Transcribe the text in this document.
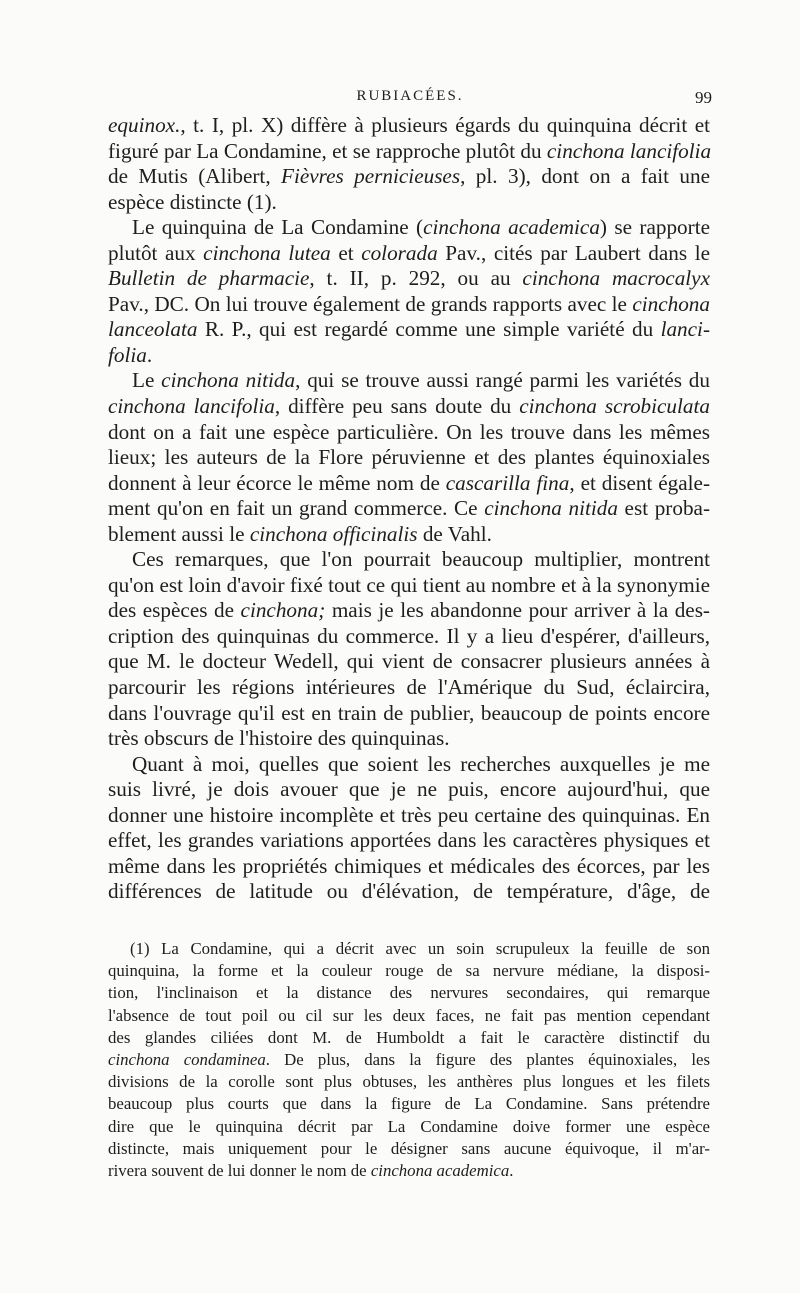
RUBIACÉES.	99
equinox., t. I, pl. X) diffère à plusieurs égards du quinquina décrit et
figuré par La Condamine, et se rapproche plutôt du cinchona lancifolia
de Mutis (Alibert, Fièvres pernicieuses, pl. 3), dont on a fait une
espèce distincte (1).
Le quinquina de La Condamine (cinchona academica) se rapporte
plutôt aux cinchona lutea et colorada Pav., cités par Laubert dans le
Bulletin de pharmacie, t. II, p. 292, ou au cinchona macrocalyx
Pav., DC. On lui trouve également de grands rapports avec le cinchona
lanceolata R. P., qui est regardé comme une simple variété du lanci-
folia.
Le cinchona nitida, qui se trouve aussi rangé parmi les variétés du
cinchona lancifolia, diffère peu sans doute du cinchona scrobiculata
dont on a fait une espèce particulière. On les trouve dans les mêmes
lieux; les auteurs de la Flore péruvienne et des plantes équinoxiales
donnent à leur écorce le même nom de cascarilla fina, et disent égale-
ment qu'on en fait un grand commerce. Ce cinchona nitida est proba-
blement aussi le cinchona officinalis de Vahl.
Ces remarques, que l'on pourrait beaucoup multiplier, montrent
qu'on est loin d'avoir fixé tout ce qui tient au nombre et à la synonymie
des espèces de cinchona; mais je les abandonne pour arriver à la des-
cription des quinquinas du commerce. Il y a lieu d'espérer, d'ailleurs,
que M. le docteur Wedell, qui vient de consacrer plusieurs années à
parcourir les régions intérieures de l'Amérique du Sud, éclaircira,
dans l'ouvrage qu'il est en train de publier, beaucoup de points encore
très obscurs de l'histoire des quinquinas.
Quant à moi, quelles que soient les recherches auxquelles je me
suis livré, je dois avouer que je ne puis, encore aujourd'hui, que
donner une histoire incomplète et très peu certaine des quinquinas. En
effet, les grandes variations apportées dans les caractères physiques et
même dans les propriétés chimiques et médicales des écorces, par les
différences de latitude ou d'élévation, de température, d'âge, de
(1) La Condamine, qui a décrit avec un soin scrupuleux la feuille de son
quinquina, la forme et la couleur rouge de sa nervure médiane, la disposi-
tion, l'inclinaison et la distance des nervures secondaires, qui remarque
l'absence de tout poil ou cil sur les deux faces, ne fait pas mention cependant
des glandes ciliées dont M. de Humboldt a fait le caractère distinctif du
cinchona condaminea. De plus, dans la figure des plantes équinoxiales, les
divisions de la corolle sont plus obtuses, les anthères plus longues et les filets
beaucoup plus courts que dans la figure de La Condamine. Sans prétendre
dire que le quinquina décrit par La Condamine doive former une espèce
distincte, mais uniquement pour le désigner sans aucune équivoque, il m'ar-
rivera souvent de lui donner le nom de cinchona academica.
